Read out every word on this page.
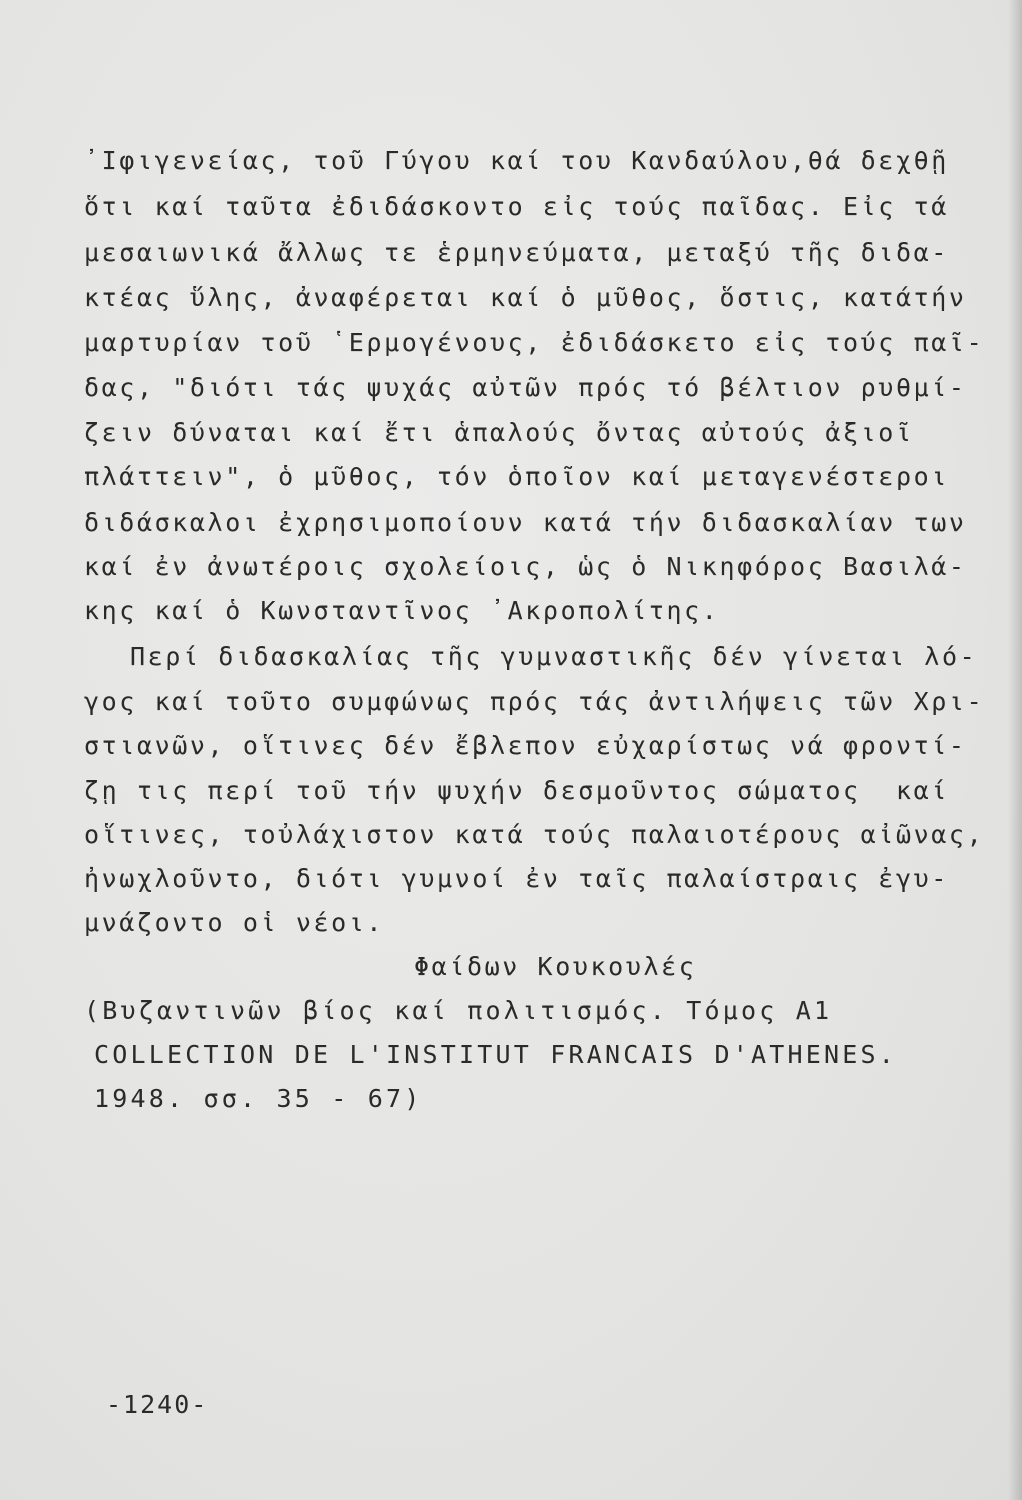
᾿Ιφιγενείας, τοῦ Γύγου καί του Κανδαύλου,θά δεχθῇ
ὅτι καί ταῦτα ἐδιδάσκοντο εἰς τούς παῖδας. Εἰς τά
μεσαιωνικά ἄλλως τε ἑρμηνεύματα, μεταξύ τῆς διδα-
κτέας ὕλης, ἀναφέρεται καί ὁ μῦθος, ὅστις, κατάτήν
μαρτυρίαν τοῦ ῾Ερμογένους, ἐδιδάσκετο εἰς τούς παῖ-
δας, "διότι τάς ψυχάς αὐτῶν πρός τό βέλτιον ρυθμί-
ζειν δύναται καί ἔτι ἁπαλούς ὄντας αὐτούς ἀξιοῖ
πλάττειν", ὁ μῦθος, τόν ὁποῖον καί μεταγενέστεροι
διδάσκαλοι ἐχρησιμοποίουν κατά τήν διδασκαλίαν των
καί ἐν ἀνωτέροις σχολείοις, ὡς ὁ Νικηφόρος Βασιλά-
κης καί ὁ Κωνσταντῖνος ᾿Ακροπολίτης.
Περί διδασκαλίας τῆς γυμναστικῆς δέν γίνεται λό-
γος καί τοῦτο συμφώνως πρός τάς ἀντιλήψεις τῶν Χρι-
στιανῶν, οἵτινες δέν ἔβλεπον εὐχαρίστως νά φροντί-
ζῃ τις περί τοῦ τήν ψυχήν δεσμοῦντος σώματος  καί
οἵτινες, τοὐλάχιστον κατά τούς παλαιοτέρους αἰῶνας,
ἠνωχλοῦντο, διότι γυμνοί ἐν ταῖς παλαίστραις ἐγυ-
μνάζοντο οἱ νέοι.
Φαίδων Κουκουλές
(Βυζαντινῶν βίος καί πολιτισμός. Τόμος Α1
COLLECTION DE L'INSTITUT FRANCAIS D'ATHENES.
1948. σσ. 35 - 67)
-1240-
